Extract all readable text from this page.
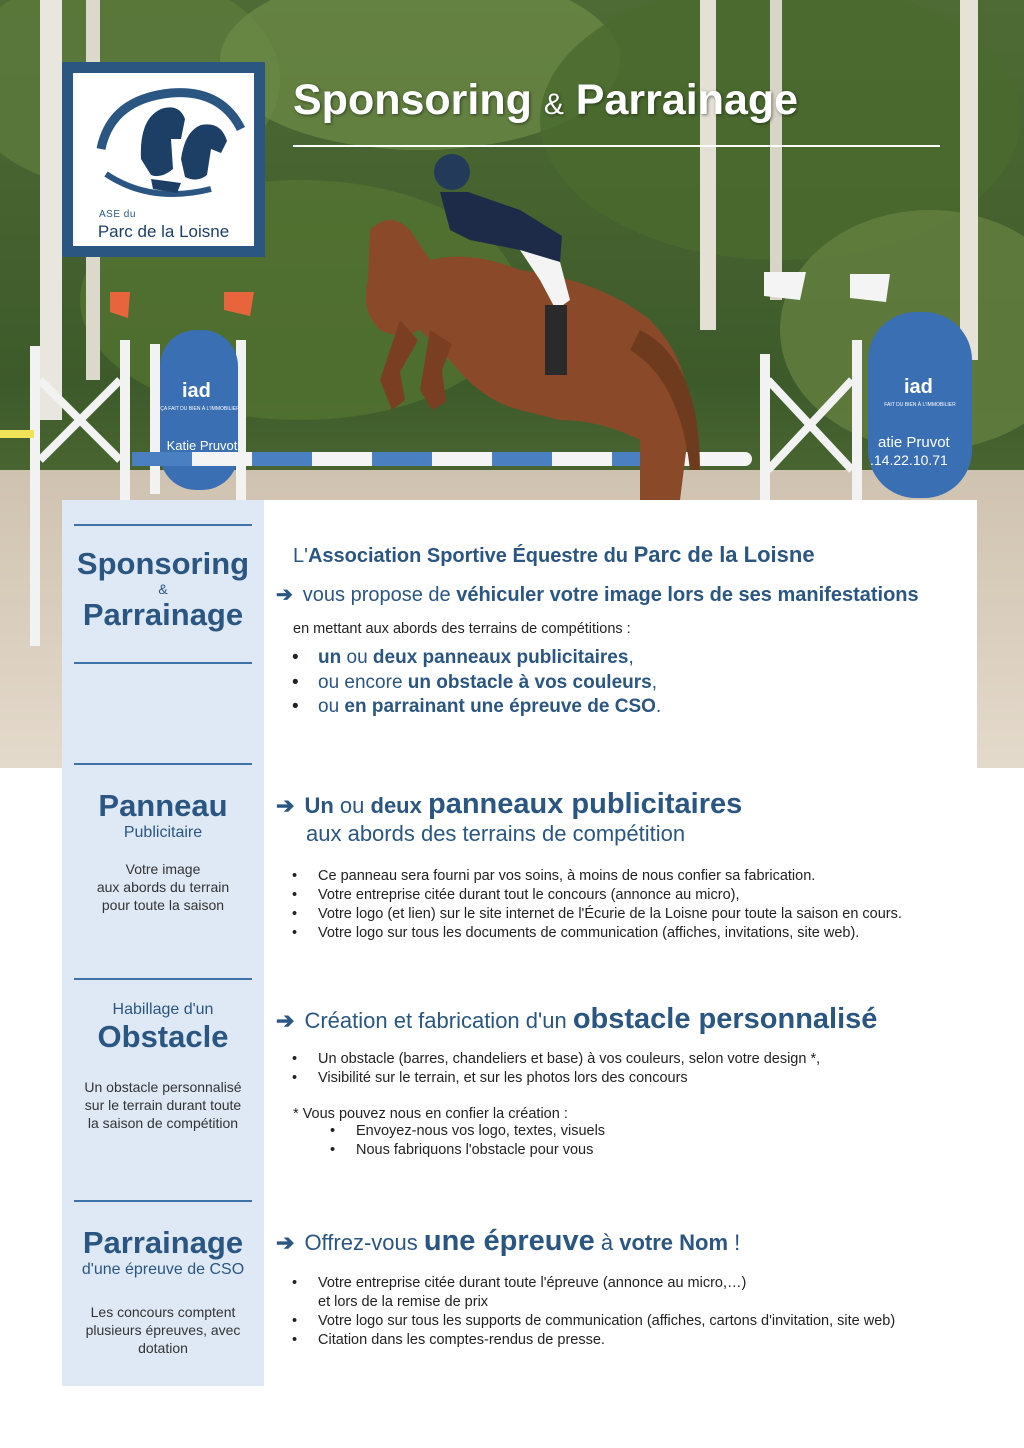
iad
ÇA FAIT DU BIEN À L'IMMOBILIER
Katie Pruvot
iad
FAIT DU BIEN À L'IMMOBILIER
atie Pruvot
.14.22.10.71
ASE du
Parc de la Loisne
Sponsoring & Parrainage
Sponsoring
&
Parrainage
L'Association Sportive Équestre du Parc de la Loisne
➔ vous propose de véhiculer votre image lors de ses manifestations
en mettant aux abords des terrains de compétitions :
• un ou deux panneaux publicitaires,
• ou encore un obstacle à vos couleurs,
• ou en parrainant une épreuve de CSO.
Panneau
Publicitaire
Votre image
aux abords du terrain
pour toute la saison
➔ Un ou deux panneaux publicitaires
aux abords des terrains de compétition
• Ce panneau sera fourni par vos soins, à moins de nous confier sa fabrication.
• Votre entreprise citée durant tout le concours (annonce au micro),
• Votre logo (et lien) sur le site internet de l'Écurie de la Loisne pour toute la saison en cours.
• Votre logo sur tous les documents de communication (affiches, invitations, site web).
Habillage d'un
Obstacle
Un obstacle personnalisé
sur le terrain durant toute
la saison de compétition
➔ Création et fabrication d'un obstacle personnalisé
• Un obstacle (barres, chandeliers et base) à vos couleurs, selon votre design *,
• Visibilité sur le terrain, et sur les photos lors des concours
* Vous pouvez nous en confier la création :
• Envoyez-nous vos logo, textes, visuels
• Nous fabriquons l'obstacle pour vous
Parrainage
d'une épreuve de CSO
Les concours comptent
plusieurs épreuves, avec
dotation
➔ Offrez-vous une épreuve à votre Nom !
• Votre entreprise citée durant toute l'épreuve (annonce au micro,…)
et lors de la remise de prix
• Votre logo sur tous les supports de communication (affiches, cartons d'invitation, site web)
• Citation dans les comptes-rendus de presse.
